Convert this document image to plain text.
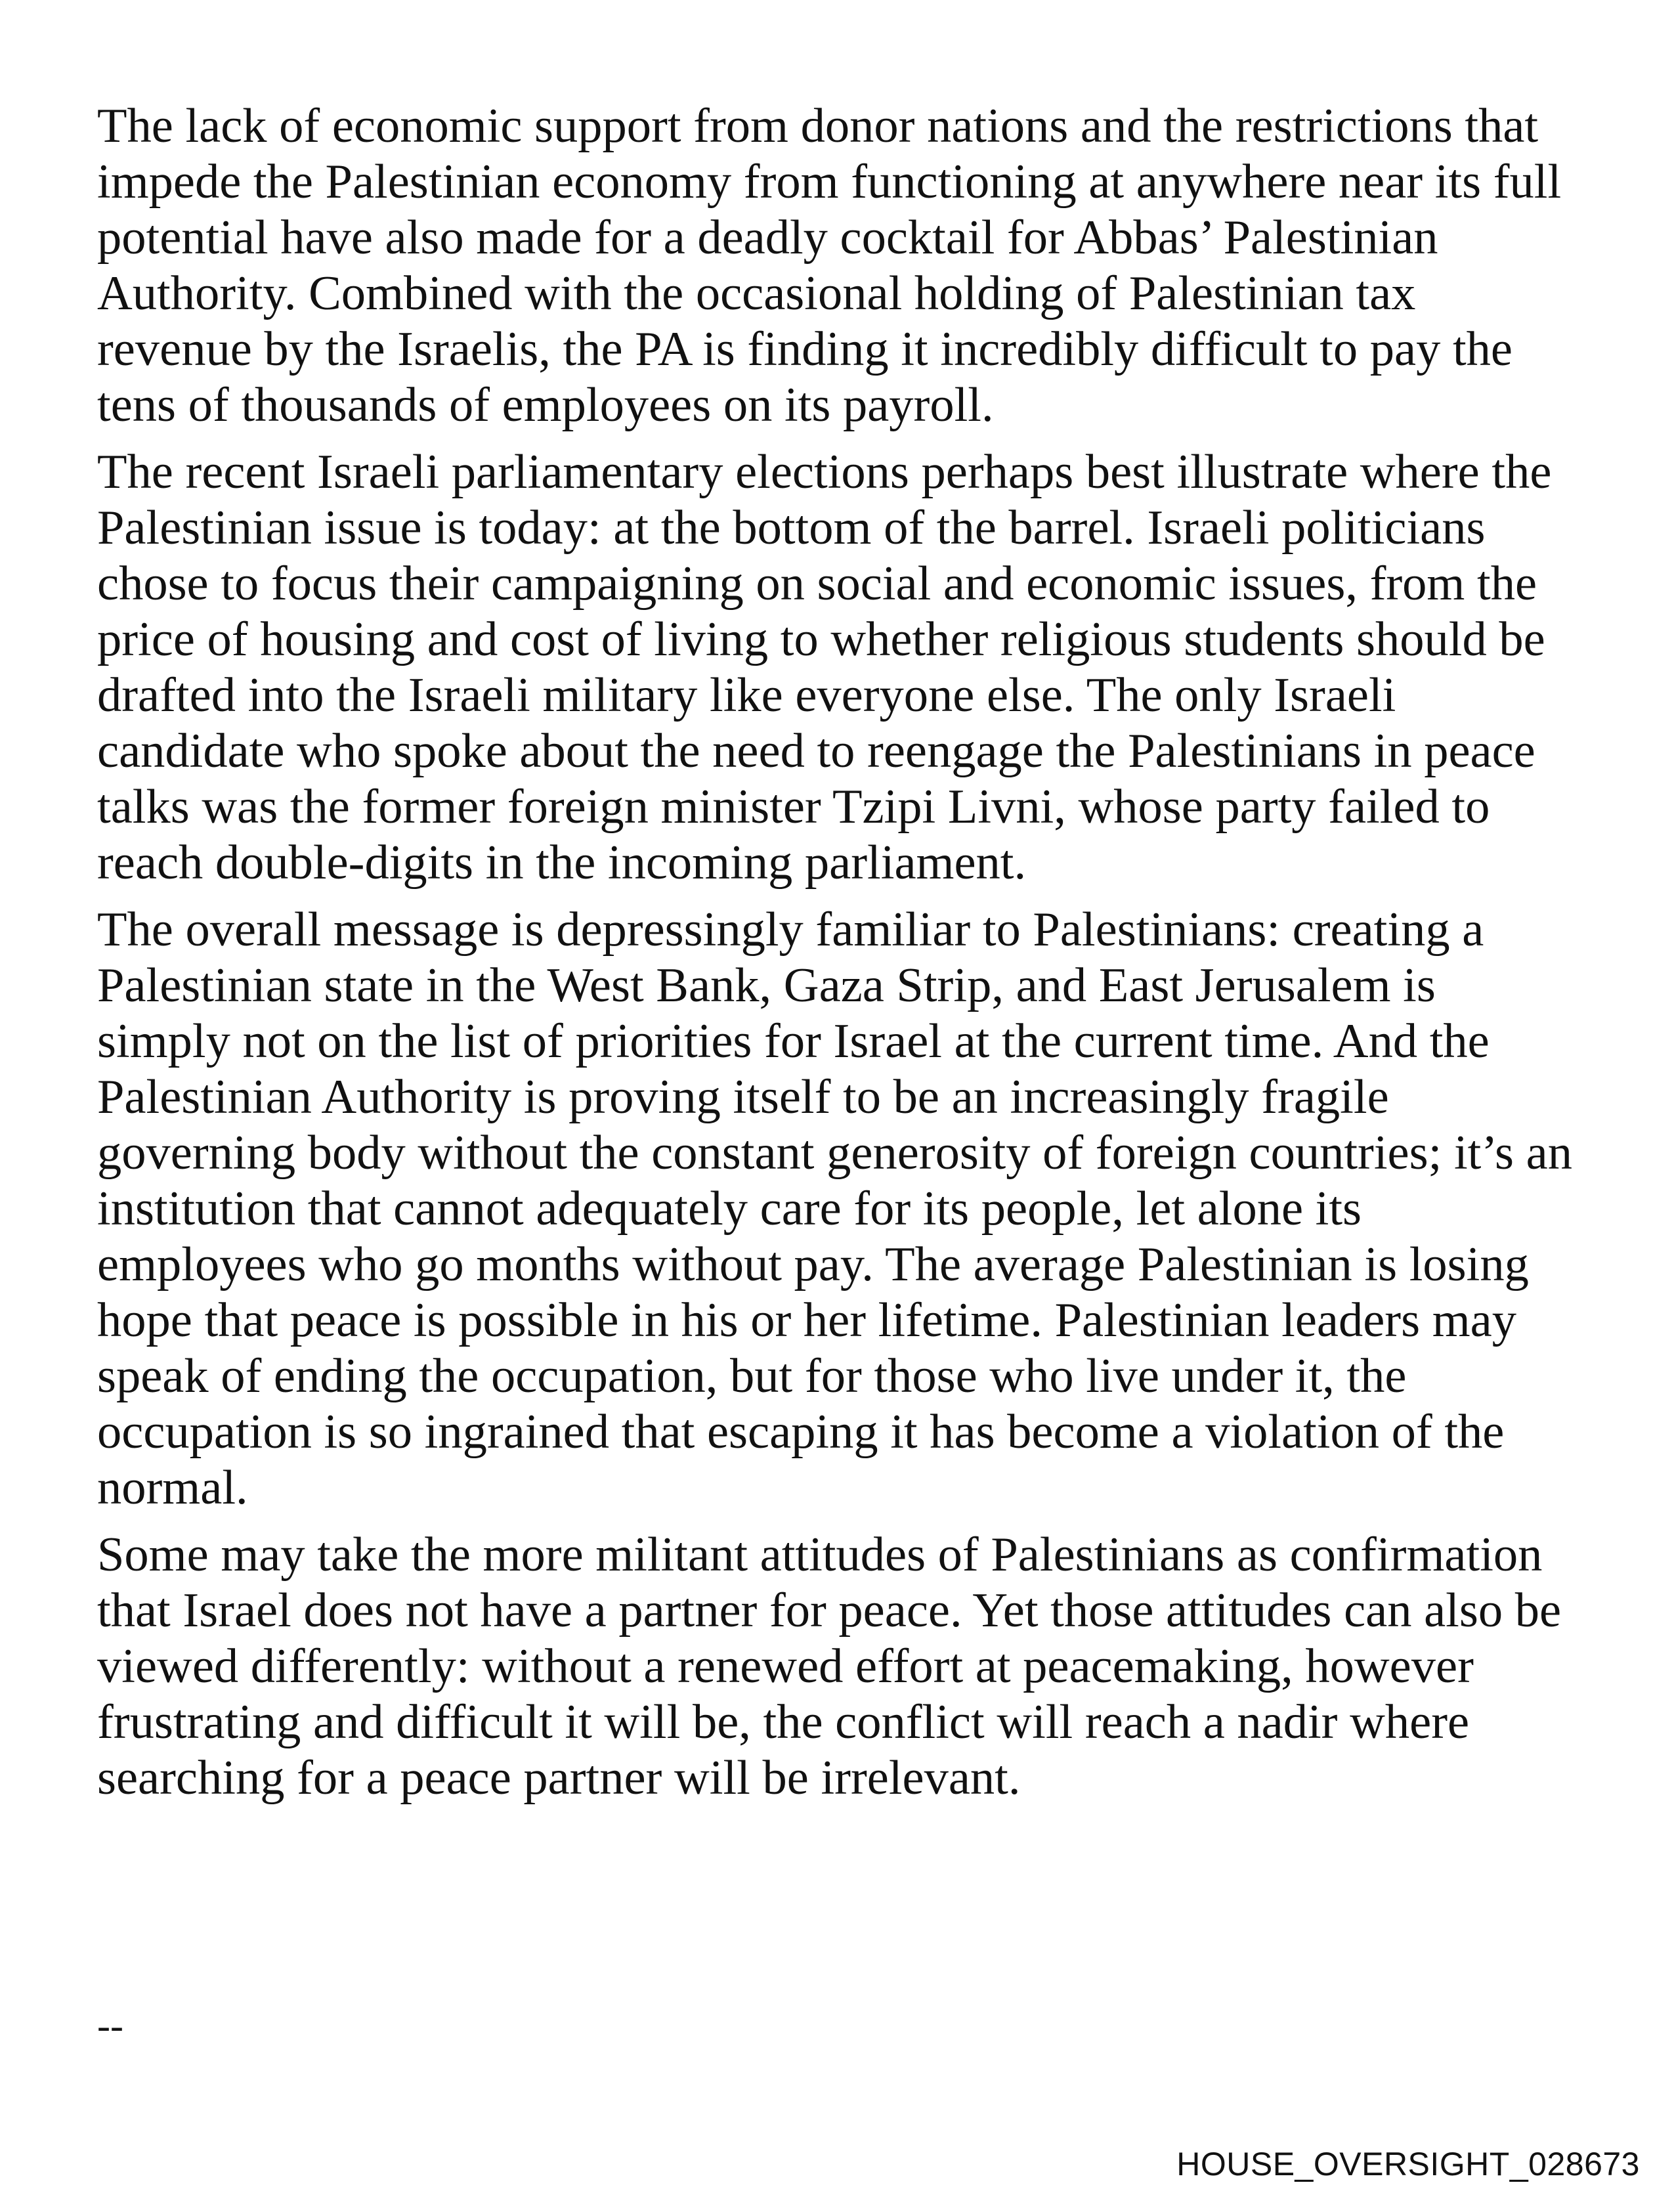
The lack of economic support from donor nations and the restrictions that impede the Palestinian economy from functioning at anywhere near its full potential have also made for a deadly cocktail for Abbas’ Palestinian Authority. Combined with the occasional holding of Palestinian tax revenue by the Israelis, the PA is finding it incredibly difficult to pay the tens of thousands of employees on its payroll.

The recent Israeli parliamentary elections perhaps best illustrate where the Palestinian issue is today: at the bottom of the barrel. Israeli politicians chose to focus their campaigning on social and economic issues, from the price of housing and cost of living to whether religious students should be drafted into the Israeli military like everyone else. The only Israeli candidate who spoke about the need to reengage the Palestinians in peace talks was the former foreign minister Tzipi Livni, whose party failed to reach double-digits in the incoming parliament.

The overall message is depressingly familiar to Palestinians: creating a Palestinian state in the West Bank, Gaza Strip, and East Jerusalem is simply not on the list of priorities for Israel at the current time. And the Palestinian Authority is proving itself to be an increasingly fragile governing body without the constant generosity of foreign countries; it’s an institution that cannot adequately care for its people, let alone its employees who go months without pay. The average Palestinian is losing hope that peace is possible in his or her lifetime. Palestinian leaders may speak of ending the occupation, but for those who live under it, the occupation is so ingrained that escaping it has become a violation of the normal.

Some may take the more militant attitudes of Palestinians as confirmation that Israel does not have a partner for peace. Yet those attitudes can also be viewed differently: without a renewed effort at peacemaking, however frustrating and difficult it will be, the conflict will reach a nadir where searching for a peace partner will be irrelevant.

--
HOUSE_OVERSIGHT_028673
